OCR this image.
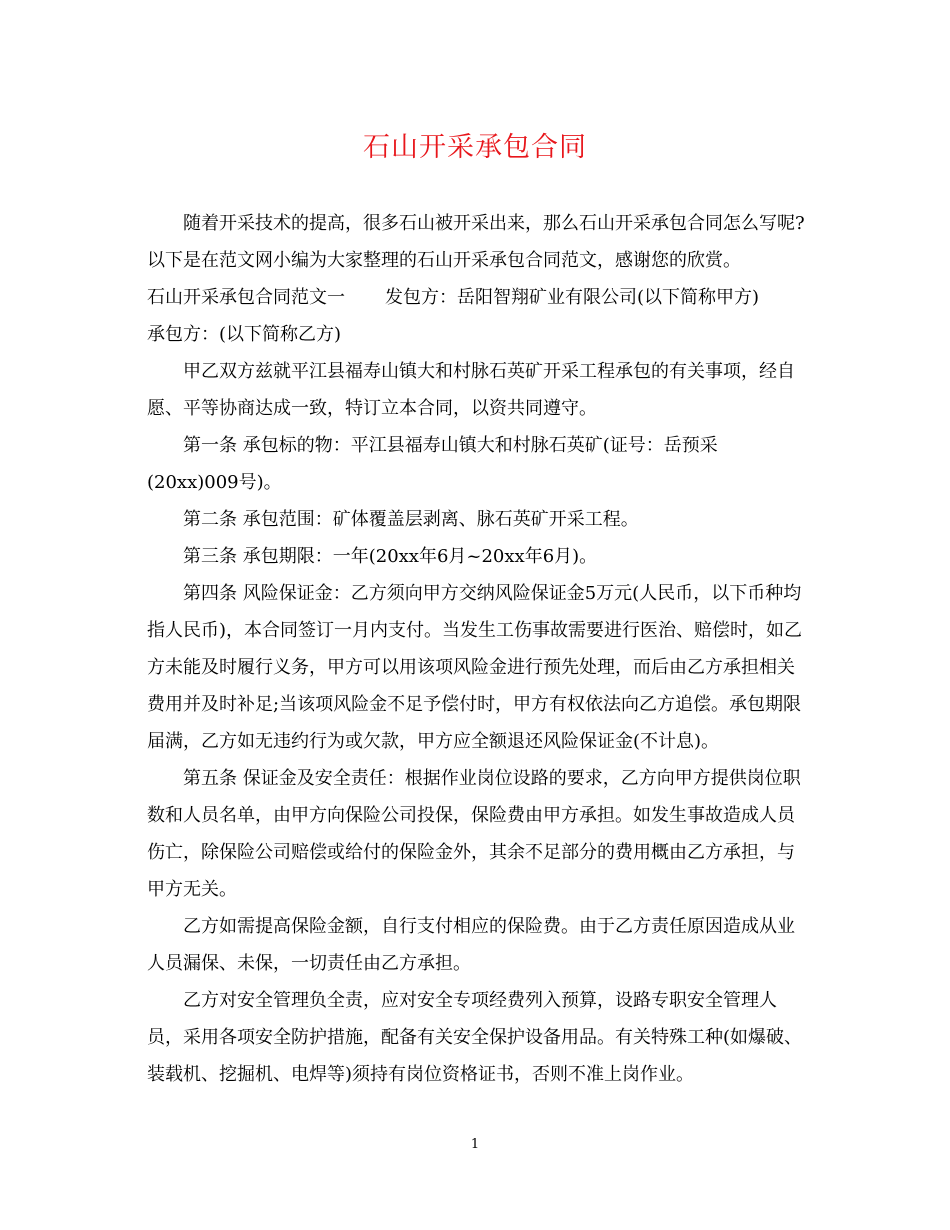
石山开采承包合同

随着开采技术的提高，很多石山被开采出来，那么石山开采承包合同怎么写呢?以下是在范文网小编为大家整理的石山开采承包合同范文，感谢您的欣赏。

石山开采承包合同范文一 发包方：岳阳智翔矿业有限公司(以下简称甲方)

承包方：(以下简称乙方)

甲乙双方兹就平江县福寿山镇大和村脉石英矿开采工程承包的有关事项，经自愿、平等协商达成一致，特订立本合同，以资共同遵守。

第一条 承包标的物：平江县福寿山镇大和村脉石英矿(证号：岳预采(20xx)009号)。

第二条 承包范围：矿体覆盖层剥离、脉石英矿开采工程。

第三条 承包期限：一年(20xx年6月~20xx年6月)。

第四条 风险保证金：乙方须向甲方交纳风险保证金5万元(人民币，以下币种均指人民币)，本合同签订一月内支付。当发生工伤事故需要进行医治、赔偿时，如乙方未能及时履行义务，甲方可以用该项风险金进行预先处理，而后由乙方承担相关费用并及时补足;当该项风险金不足予偿付时，甲方有权依法向乙方追偿。承包期限届满，乙方如无违约行为或欠款，甲方应全额退还风险保证金(不计息)。

第五条 保证金及安全责任：根据作业岗位设路的要求，乙方向甲方提供岗位职数和人员名单，由甲方向保险公司投保，保险费由甲方承担。如发生事故造成人员伤亡，除保险公司赔偿或给付的保险金外，其余不足部分的费用概由乙方承担，与甲方无关。

乙方如需提高保险金额，自行支付相应的保险费。由于乙方责任原因造成从业人员漏保、未保，一切责任由乙方承担。

乙方对安全管理负全责，应对安全专项经费列入预算，设路专职安全管理人员，采用各项安全防护措施，配备有关安全保护设备用品。有关特殊工种(如爆破、装载机、挖掘机、电焊等)须持有岗位资格证书，否则不准上岗作业。

1
